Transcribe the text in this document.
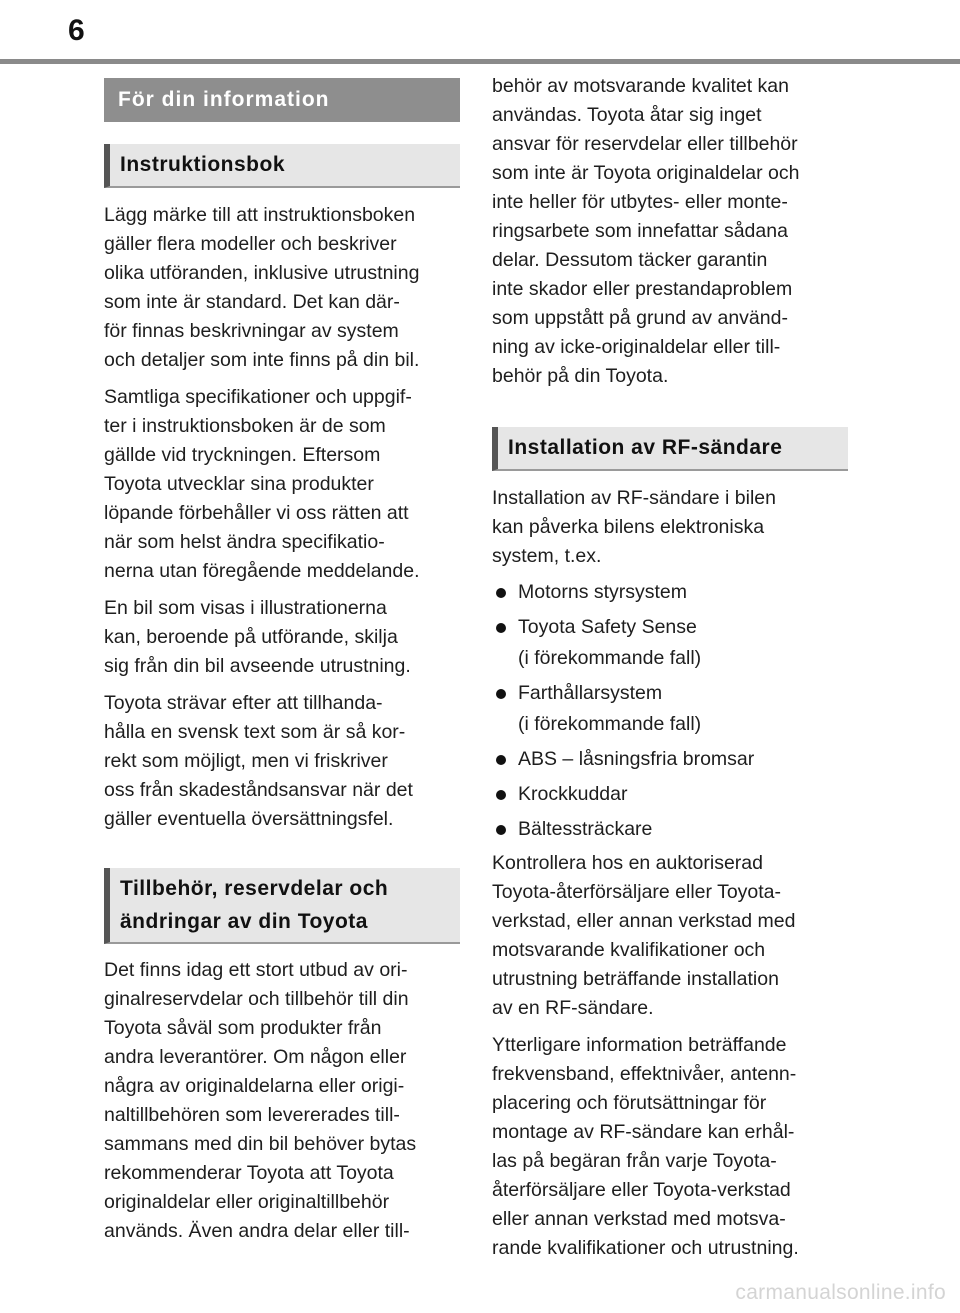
6
För din information
Instruktionsbok

Lägg märke till att instruktionsboken
gäller flera modeller och beskriver
olika utföranden, inklusive utrustning
som inte är standard. Det kan där-
för finnas beskrivningar av system
och detaljer som inte finns på din bil.

Samtliga specifikationer och uppgif-
ter i instruktionsboken är de som
gällde vid tryckningen. Eftersom
Toyota utvecklar sina produkter
löpande förbehåller vi oss rätten att
när som helst ändra specifikatio-
nerna utan föregående meddelande.

En bil som visas i illustrationerna
kan, beroende på utförande, skilja
sig från din bil avseende utrustning.

Toyota strävar efter att tillhanda-
hålla en svensk text som är så kor-
rekt som möjligt, men vi friskriver
oss från skadeståndsansvar när det
gäller eventuella översättningsfel.

Tillbehör, reservdelar och
ändringar av din Toyota

Det finns idag ett stort utbud av ori-
ginalreservdelar och tillbehör till din
Toyota såväl som produkter från
andra leverantörer. Om någon eller
några av originaldelarna eller origi-
naltillbehören som levererades till-
sammans med din bil behöver bytas
rekommenderar Toyota att Toyota
originaldelar eller originaltillbehör
används. Även andra delar eller till-

behör av motsvarande kvalitet kan
användas. Toyota åtar sig inget
ansvar för reservdelar eller tillbehör
som inte är Toyota originaldelar och
inte heller för utbytes- eller monte-
ringsarbete som innefattar sådana
delar. Dessutom täcker garantin
inte skador eller prestandaproblem
som uppstått på grund av använd-
ning av icke-originaldelar eller till-
behör på din Toyota.

Installation av RF-sändare

Installation av RF-sändare i bilen
kan påverka bilens elektroniska
system, t.ex.

Motorns styrsystem
Toyota Safety Sense
(i förekommande fall)
Farthållarsystem
(i förekommande fall)
ABS – låsningsfria bromsar
Krockkuddar
Bältessträckare

Kontrollera hos en auktoriserad
Toyota-återförsäljare eller Toyota-
verkstad, eller annan verkstad med
motsvarande kvalifikationer och
utrustning beträffande installation
av en RF-sändare.

Ytterligare information beträffande
frekvensband, effektnivåer, antenn-
placering och förutsättningar för
montage av RF-sändare kan erhål-
las på begäran från varje Toyota-
återförsäljare eller Toyota-verkstad
eller annan verkstad med motsva-
rande kvalifikationer och utrustning.

carmanualsonline.info
